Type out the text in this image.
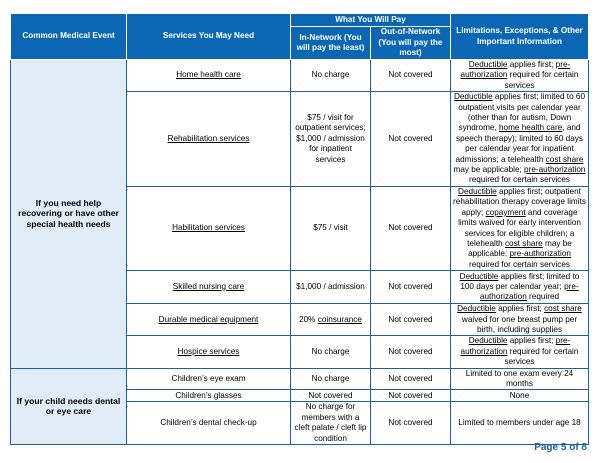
Common Medical Event	Services You May Need	What You Will Pay		Limitations, Exceptions, & Other Important Information
		In-Network (You will pay the least)	Out-of-Network (You will pay the most)	
If you need help recovering or have other special health needs	Home health care	No charge	Not covered	Deductible applies first; pre-authorization required for certain services
	Rehabilitation services	$75 / visit for outpatient services; $1,000 / admission for inpatient services	Not covered	Deductible applies first; limited to 60 outpatient visits per calendar year (other than for autism, Down syndrome, home health care, and speech therapy); limited to 60 days per calendar year for inpatient admissions; a telehealth cost share may be applicable; pre-authorization required for certain services
	Habilitation services	$75 / visit	Not covered	Deductible applies first; outpatient rehabilitation therapy coverage limits apply; copayment and coverage limits waived for early intervention services for eligible children; a telehealth cost share may be applicable; pre-authorization required for certain services
	Skilled nursing care	$1,000 / admission	Not covered	Deductible applies first; limited to 100 days per calendar year; pre-authorization required
	Durable medical equipment	20% coinsurance	Not covered	Deductible applies first; cost share waived for one breast pump per birth, including supplies
	Hospice services	No charge	Not covered	Deductible applies first; pre-authorization required for certain services
If your child needs dental or eye care	Children’s eye exam	No charge	Not covered	Limited to one exam every 24 months
	Children’s glasses	Not covered	Not covered	None
	Children’s dental check-up	No charge for members with a cleft palate / cleft lip condition	Not covered	Limited to members under age 18
Page 5 of 8
